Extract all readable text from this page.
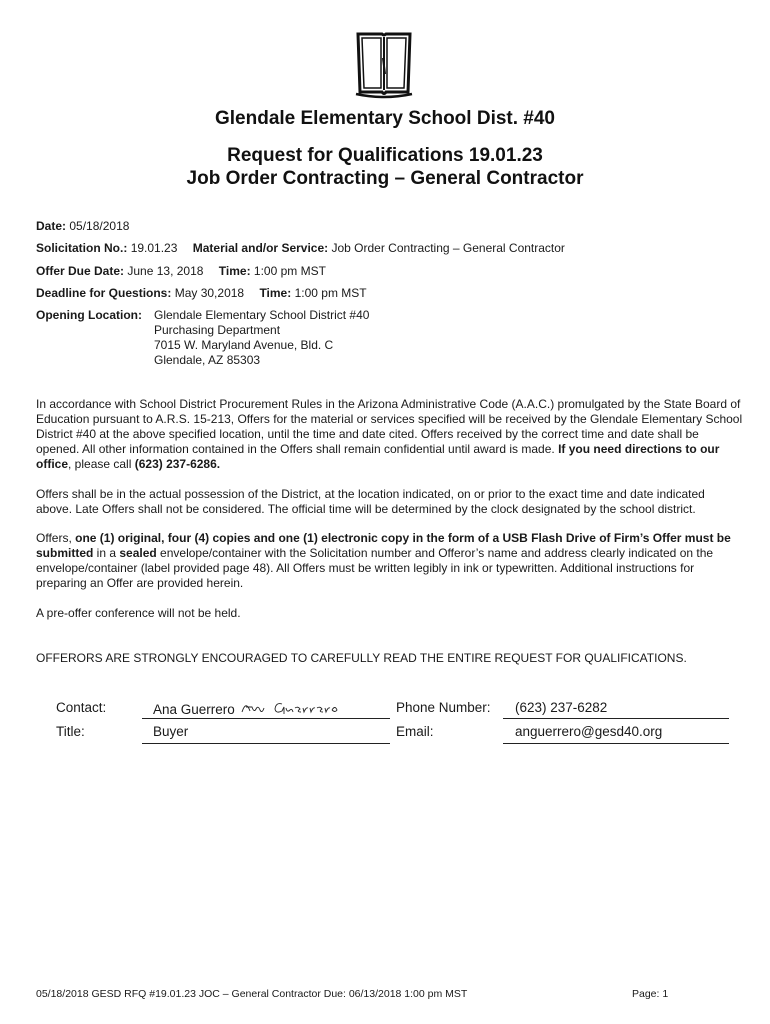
Glendale Elementary School Dist. #40
Request for Qualifications 19.01.23
Job Order Contracting – General Contractor
Date: 05/18/2018
Solicitation No.: 19.01.23 Material and/or Service: Job Order Contracting – General Contractor
Offer Due Date: June 13, 2018 Time: 1:00 pm MST
Deadline for Questions: May 30,2018 Time: 1:00 pm MST
Opening Location: Glendale Elementary School District #40
Purchasing Department
7015 W. Maryland Avenue, Bld. C
Glendale, AZ 85303
In accordance with School District Procurement Rules in the Arizona Administrative Code (A.A.C.) promulgated by the State Board of Education pursuant to A.R.S. 15-213, Offers for the material or services specified will be received by the Glendale Elementary School District #40 at the above specified location, until the time and date cited. Offers received by the correct time and date shall be opened. All other information contained in the Offers shall remain confidential until award is made. If you need directions to our office, please call (623) 237-6286.
Offers shall be in the actual possession of the District, at the location indicated, on or prior to the exact time and date indicated above. Late Offers shall not be considered. The official time will be determined by the clock designated by the school district.
Offers, one (1) original, four (4) copies and one (1) electronic copy in the form of a USB Flash Drive of Firm’s Offer must be submitted in a sealed envelope/container with the Solicitation number and Offeror’s name and address clearly indicated on the envelope/container (label provided page 48). All Offers must be written legibly in ink or typewritten. Additional instructions for preparing an Offer are provided herein.
A pre-offer conference will not be held.
OFFERORS ARE STRONGLY ENCOURAGED TO CAREFULLY READ THE ENTIRE REQUEST FOR QUALIFICATIONS.
Contact:	Ana Guerrero	Phone Number: (623) 237-6282
Title:	Buyer	Email:	anguerrero@gesd40.org
05/18/2018 GESD RFQ #19.01.23 JOC – General Contractor Due: 06/13/2018 1:00 pm MST	Page: 1
